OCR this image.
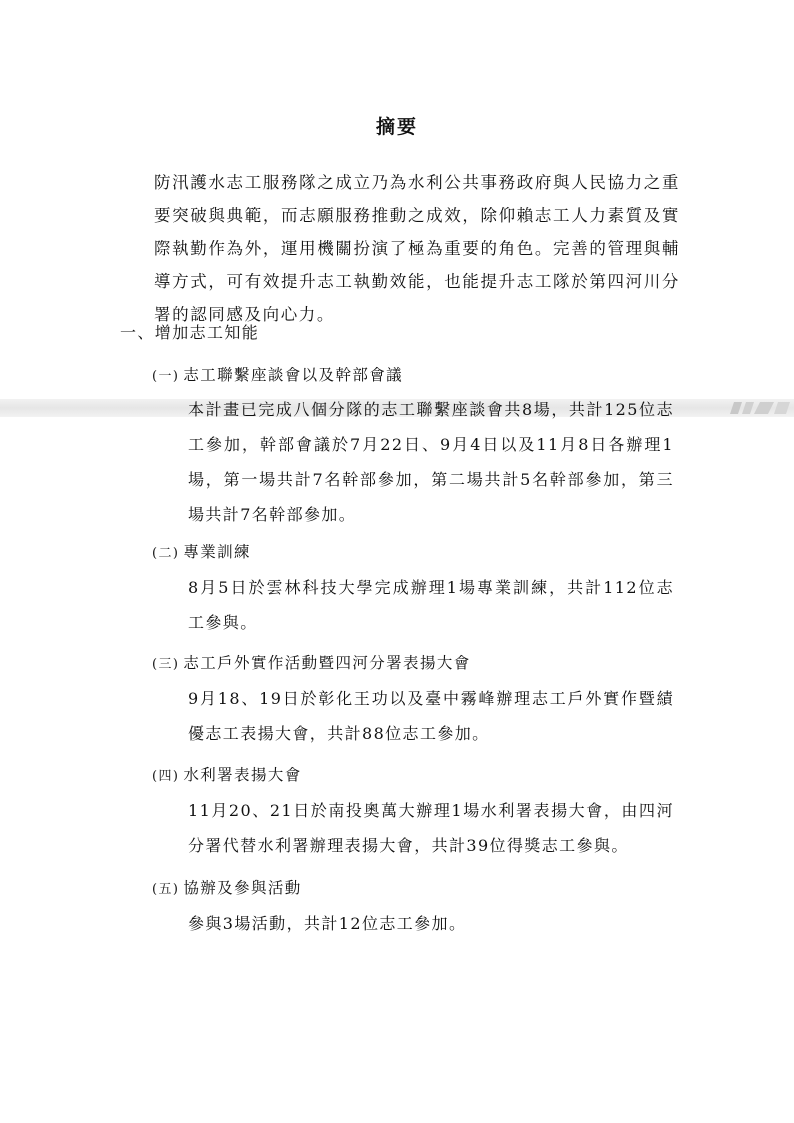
摘要
防汛護水志工服務隊之成立乃為水利公共事務政府與人民協力之重要突破與典範，而志願服務推動之成效，除仰賴志工人力素質及實際執勤作為外，運用機關扮演了極為重要的角色。完善的管理與輔導方式，可有效提升志工執勤效能，也能提升志工隊於第四河川分署的認同感及向心力。
一、增加志工知能
(一) 志工聯繫座談會以及幹部會議
本計畫已完成八個分隊的志工聯繫座談會共8場，共計125位志工參加，幹部會議於7月22日、9月4日以及11月8日各辦理1場，第一場共計7名幹部參加，第二場共計5名幹部參加，第三場共計7名幹部參加。
(二) 專業訓練
8月5日於雲林科技大學完成辦理1場專業訓練，共計112位志工參與。
(三) 志工戶外實作活動暨四河分署表揚大會
9月18、19日於彰化王功以及臺中霧峰辦理志工戶外實作暨績優志工表揚大會，共計88位志工參加。
(四) 水利署表揚大會
11月20、21日於南投奧萬大辦理1場水利署表揚大會，由四河分署代替水利署辦理表揚大會，共計39位得獎志工參與。
(五) 協辦及參與活動
參與3場活動，共計12位志工參加。
